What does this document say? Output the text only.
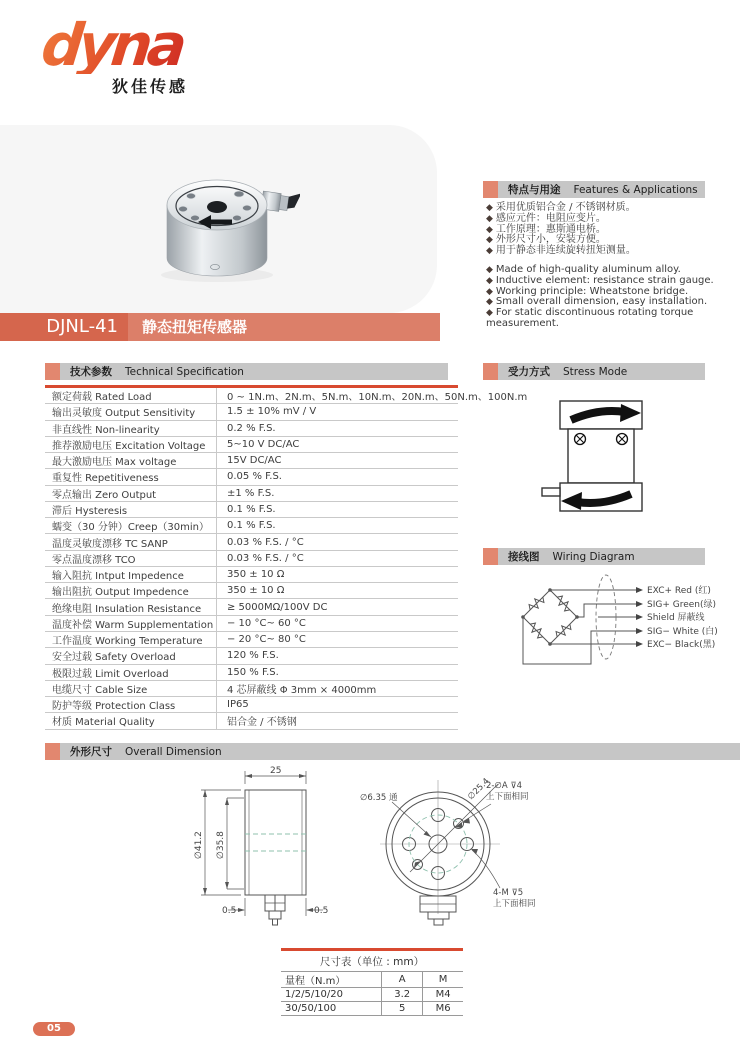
dyna
狄佳传感
DJNL-41	静态扭矩传感器
特点与用途 Features & Applications
◆ 采用优质铝合金 / 不锈钢材质。
◆ 感应元件：电阻应变片。
◆ 工作原理：惠斯通电桥。
◆ 外形尺寸小，安装方便。
◆ 用于静态非连续旋转扭矩测量。
◆ Made of high-quality aluminum alloy.
◆ Inductive element: resistance strain gauge.
◆ Working principle: Wheatstone bridge.
◆ Small overall dimension, easy installation.
◆ For static discontinuous rotating torque measurement.
技术参数 Technical Specification
额定荷载 Rated Load	0 ~ 1N.m、2N.m、5N.m、10N.m、20N.m、50N.m、100N.m
输出灵敏度 Output Sensitivity	1.5 ± 10% mV / V
非直线性 Non-linearity	0.2 % F.S.
推荐激励电压 Excitation Voltage	5~10 V DC/AC
最大激励电压 Max voltage	15V DC/AC
重复性 Repetitiveness	0.05 % F.S.
零点输出 Zero Output	±1 % F.S.
滞后 Hysteresis	0.1 % F.S.
蠕变（30 分钟）Creep（30min）	0.1 % F.S.
温度灵敏度漂移 TC SANP	0.03 % F.S. / °C
零点温度漂移 TCO	0.03 % F.S. / °C
输入阻抗 Intput Impedence	350 ± 10 Ω
输出阻抗 Output Impedence	350 ± 10 Ω
绝缘电阻 Insulation Resistance	≥ 5000MΩ/100V DC
温度补偿 Warm Supplementation	− 10 °C~ 60 °C
工作温度 Working Temperature	− 20 °C~ 80 °C
安全过载 Safety Overload	120 % F.S.
极限过载 Limit Overload	150 % F.S.
电缆尺寸 Cable Size	4 芯屏蔽线 Φ 3mm × 4000mm
防护等级 Protection Class	IP65
材质 Material Quality	铝合金 / 不锈钢
受力方式 Stress Mode
接线图 Wiring Diagram
EXC+ Red (红)
SIG+ Green(绿)
Shield 屏蔽线
SIG− White (白)
EXC− Black(黑)
外形尺寸 Overall Dimension
25
∅41.2 ∅35.8
0.5	0.5
∅6.35 通	∅25.4
2-∅A ⊽4
上下面相同
4-M ⊽5
上下面相同
尺寸表（单位 : mm）
量程（N.m）	A	M
1/2/5/10/20	3.2	M4
30/50/100	5	M6
05
